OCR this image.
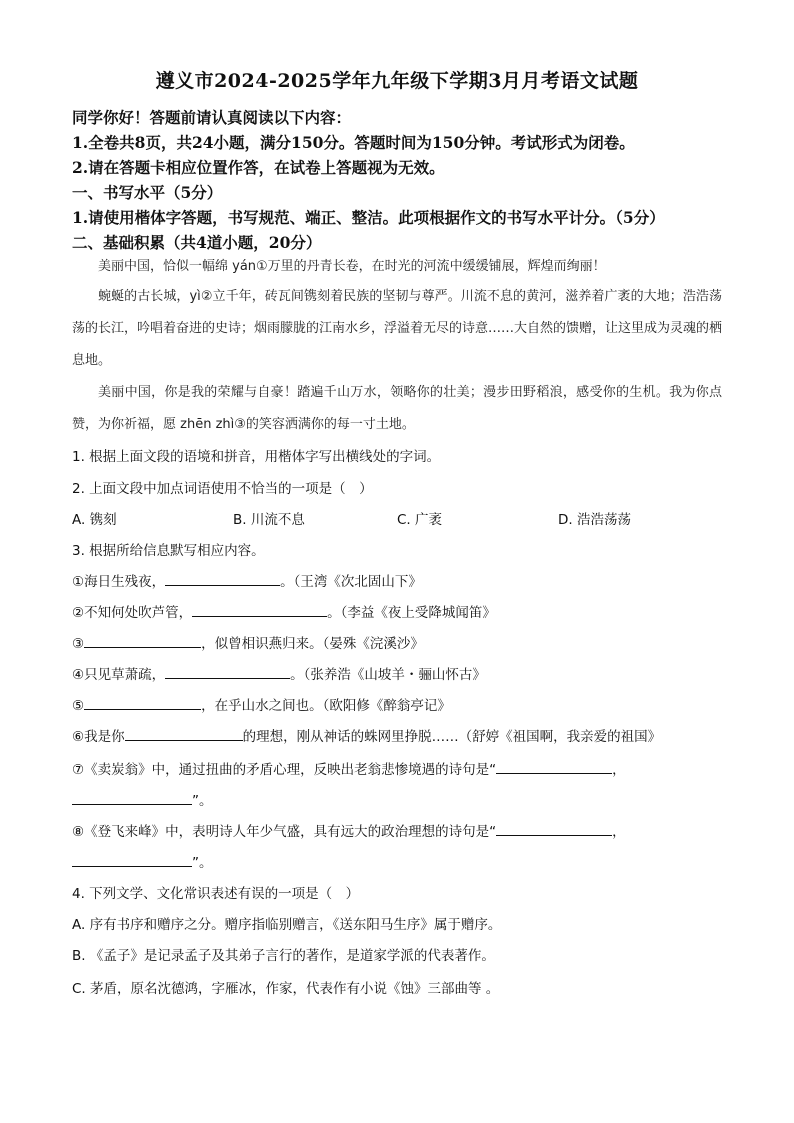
遵义市2024-2025学年九年级下学期3月月考语文试题
同学你好！答题前请认真阅读以下内容：
1.全卷共8页，共24小题，满分150分。答题时间为150分钟。考试形式为闭卷。
2.请在答题卡相应位置作答，在试卷上答题视为无效。
一、书写水平（5分）
1.请使用楷体字答题，书写规范、端正、整洁。此项根据作文的书写水平计分。（5分）
二、基础积累（共4道小题，20分）
美丽中国，恰似一幅绵 yán①万里的丹青长卷，在时光的河流中缓缓铺展，辉煌而绚丽！
蜿蜒的古长城，yì②立千年，砖瓦间镌刻着民族的坚韧与尊严。川流不息的黄河，滋养着广袤的大地；浩浩荡荡的长江，吟唱着奋进的史诗；烟雨朦胧的江南水乡，浮溢着无尽的诗意……大自然的馈赠，让这里成为灵魂的栖息地。
美丽中国，你是我的荣耀与自豪！踏遍千山万水，领略你的壮美；漫步田野稻浪，感受你的生机。我为你点赞，为你祈福，愿 zhēn zhì③的笑容洒满你的每一寸土地。
1. 根据上面文段的语境和拼音，用楷体字写出横线处的字词。
2. 上面文段中加点词语使用不恰当的一项是（　）
A. 镌刻	B. 川流不息	C. 广袤	D. 浩浩荡荡
3. 根据所给信息默写相应内容。
①海日生残夜，	。（王湾《次北固山下》
②不知何处吹芦管，	。（李益《夜上受降城闻笛》
③	，似曾相识燕归来。（晏殊《浣溪沙》
④只见草萧疏，	。（张养浩《山坡羊・骊山怀古》
⑤	，在乎山水之间也。（欧阳修《醉翁亭记》
⑥我是你	的理想，刚从神话的蛛网里挣脱……（舒婷《祖国啊，我亲爱的祖国》
⑦《卖炭翁》中，通过扭曲的矛盾心理，反映出老翁悲惨境遇的诗句是“	，
”。
⑧《登飞来峰》中，表明诗人年少气盛，具有远大的政治理想的诗句是“	，
”。
4. 下列文学、文化常识表述有误的一项是（　）
A. 序有书序和赠序之分。赠序指临别赠言，《送东阳马生序》属于赠序。
B. 《孟子》是记录孟子及其弟子言行的著作，是道家学派的代表著作。
C. 茅盾，原名沈德鸿，字雁冰，作家，代表作有小说《蚀》三部曲等 。
